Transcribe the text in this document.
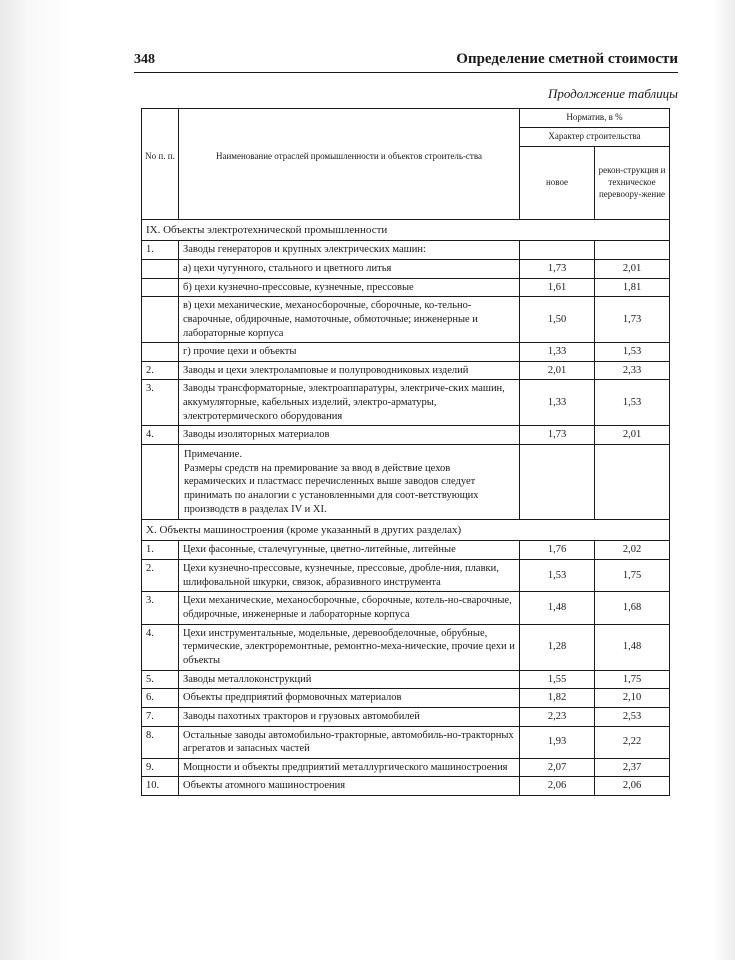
348	Определение сметной стоимости
Продолжение таблицы
No п. п.	Наименование отраслей промышленности и объектов строитель-ства	Норматив, в %	
		Характер строительства	
		новое	рекон-струкция и техническое перевоору-жение
IX. Объекты электротехнической промышленности			
1.	Заводы генераторов и крупных электрических машин:		
	а) цехи чугунного, стального и цветного литья	1,73	2,01
	б) цехи кузнечно-прессовые, кузнечные, прессовые	1,61	1,81
	в) цехи механические, механосборочные, сборочные, ко-тельно-сварочные, обдирочные, намоточные, обмоточные; инженерные и лабораторные корпуса	1,50	1,73
	г) прочие цехи и объекты	1,33	1,53
2.	Заводы и цехи электроламповые и полупроводниковых изделий	2,01	2,33
3.	Заводы трансформаторные, электроаппаратуры, электриче-ских машин, аккумуляторные, кабельных изделий, электро-арматуры, электротермического оборудования	1,33	1,53
4.	Заводы изоляторных материалов	1,73	2,01

	Примечание.
Размеры средств на премирование за ввод в действие цехов керамических и пластмасс перечисленных выше заводов следует принимать по аналогии с установленными для соот-ветствующих производств в разделах IV и XI.		

X. Объекты машиностроения (кроме указанный в других разделах)			
1.	Цехи фасонные, сталечугунные, цветно-литейные, литейные	1,76	2,02
2.	Цехи кузнечно-прессовые, кузнечные, прессовые, дробле-ния, плавки, шлифовальной шкурки, связок, абразивного инструмента	1,53	1,75
3.	Цехи механические, механосборочные, сборочные, котель-но-сварочные, обдирочные, инженерные и лабораторные корпуса	1,48	1,68
4.	Цехи инструментальные, модельные, деревообделочные, обрубные, термические, электроремонтные, ремонтно-меха-нические, прочие цехи и объекты	1,28	1,48
5.	Заводы металлоконструкций	1,55	1,75
6.	Объекты предприятий формовочных материалов	1,82	2,10
7.	Заводы пахотных тракторов и грузовых автомобилей	2,23	2,53
8.	Остальные заводы автомобильно-тракторные, автомобиль-но-тракторных агрегатов и запасных частей	1,93	2,22
9.	Мощности и объекты предприятий металлургического машиностроения	2,07	2,37
10.	Объекты атомного машиностроения	2,06	2,06
